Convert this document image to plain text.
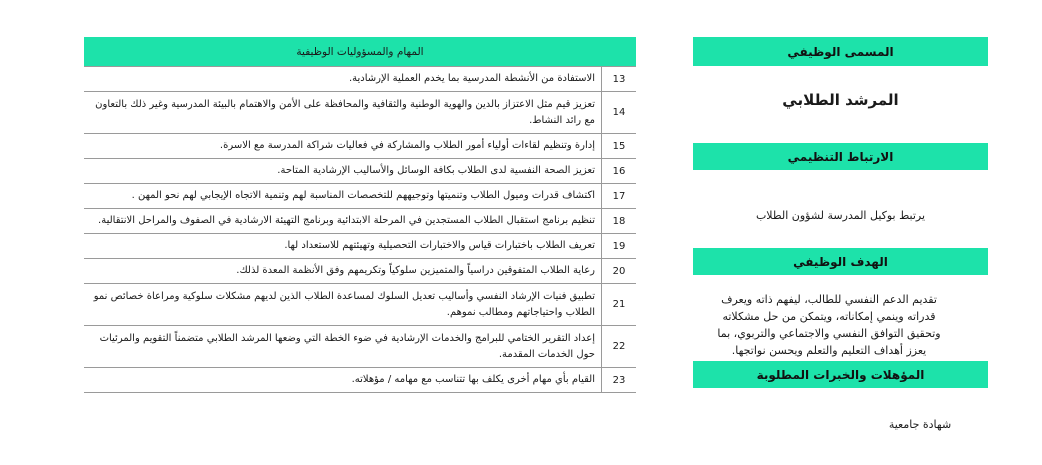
المسمى الوظيفي
المرشد الطلابي
الارتباط التنظيمي
يرتبط بوكيل المدرسة لشؤون الطلاب
الهدف الوظيفي
تقديم الدعم النفسي للطالب، ليفهم ذاته ويعرف قدراته وينمي إمكاناته، ويتمكن من حل مشكلاته وتحقيق التوافق النفسي والاجتماعي والتربوي، بما يعزز أهداف التعليم والتعلم ويحسن نواتجها.
المؤهلات والخبرات المطلوبة
شهادة جامعية
المهام والمسؤوليات الوظيفية	
13	الاستفادة من الأنشطة المدرسية بما يخدم العملية الإرشادية.
14	تعزيز قيم مثل الاعتزاز بالدين والهوية الوطنية والثقافية والمحافظة على الأمن والاهتمام بالبيئة المدرسية وغير ذلك بالتعاون مع رائد النشاط.
15	إدارة وتنظيم لقاءات أولياء أمور الطلاب والمشاركة في فعاليات شراكة المدرسة مع الاسرة.
16	تعزيز الصحة النفسية لدى الطلاب بكافة الوسائل والأساليب الإرشادية المتاحة.
17	اكتشاف قدرات وميول الطلاب وتنميتها وتوجيههم للتخصصات المناسبة لهم وتنمية الاتجاه الإيجابي لهم نحو المهن .
18	تنظيم برنامج استقبال الطلاب المستجدين في المرحلة الابتدائية وبرنامج التهيئة الارشادية في الصفوف والمراحل الانتقالية.
19	تعريف الطلاب باختبارات قياس والاختبارات التحصيلية وتهيئتهم للاستعداد لها.
20	رعاية الطلاب المتفوقين دراسياً والمتميزين سلوكياً وتكريمهم وفق الأنظمة المعدة لذلك.
21	تطبيق فنيات الإرشاد النفسي وأساليب تعديل السلوك لمساعدة الطلاب الذين لديهم مشكلات سلوكية ومراعاة خصائص نمو الطلاب واحتياجاتهم ومطالب نموهم.
22	إعداد التقرير الختامي للبرامج والخدمات الإرشادية في ضوء الخطة التي وضعها المرشد الطلابي متضمناً التقويم والمرئيات حول الخدمات المقدمة.
23	القيام بأي مهام أخرى يكلف بها تتناسب مع مهامه / مؤهلاته.
